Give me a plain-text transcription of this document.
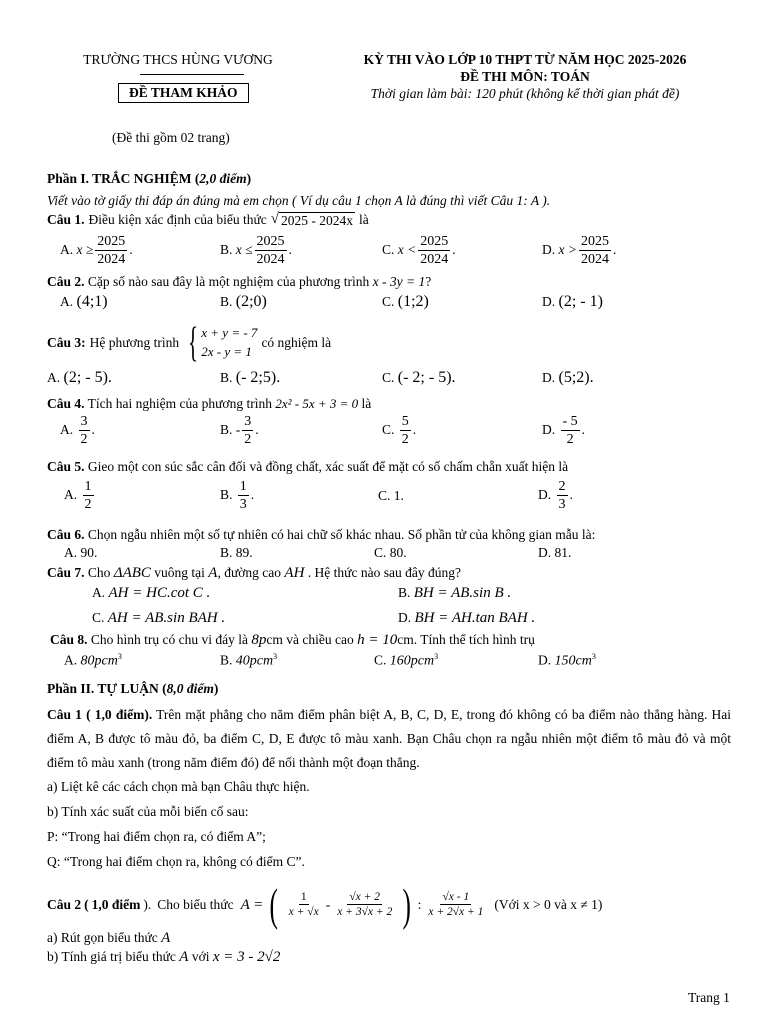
TRƯỜNG THCS HÙNG VƯƠNG
ĐỀ THAM KHẢO
(Đề thi gồm 02 trang)
KỲ THI VÀO LỚP 10 THPT TỪ NĂM HỌC 2025-2026
ĐỀ THI MÔN: TOÁN
Thời gian làm bài: 120 phút (không kể thời gian phát đề)
Phần I. TRẮC NGHIỆM (2,0 điểm)
Viết vào tờ giấy thi đáp án đúng mà em chọn ( Ví dụ câu 1 chọn A là đúng thì viết Câu 1: A ).
Câu 1. Điều kiện xác định của biểu thức √ 2025 - 2024x là
A. $x \ge \frac{2025}{2024}$ .	B. $x \le \frac{2025}{2024}$ .	C. $x < \frac{2025}{2024}$ .	D. $x > \frac{2025}{2024}$ .
Câu 2. Cặp số nào sau đây là một nghiệm của phương trình x - 3y = 1?
A. (4;1)	B. (2;0)	C. (1;2)	D. (2; - 1)
Câu 3: Hệ phương trình { x + y = - 7
2x - y = 1
có nghiệm là
A. (2; - 5).	B. (- 2;5).	C. (- 2; - 5).	D. (5;2).
Câu 4. Tích hai nghiệm của phương trình 2x² - 5x + 3 = 0 là
A. $\frac{3}{2}$ .	B. - $\frac{3}{2}$ .	C. $\frac{5}{2}$ .	D. $\frac{- 5}{2}$ .
Câu 5. Gieo một con súc sắc cân đối và đồng chất, xác suất để mặt có số chấm chẵn xuất hiện là
A. $\frac{1}{2}$	B. $\frac{1}{3}$ .	C. 1.	D. $\frac{2}{3}$ .
Câu 6. Chọn ngẫu nhiên một số tự nhiên có hai chữ số khác nhau. Số phần tử của không gian mẫu là:
A. 90.	B. 89.	C. 80.	D. 81.
Câu 7. Cho ΔABC vuông tại A, đường cao AH . Hệ thức nào sau đây đúng?
A. AH = HC.cot C .	B. BH = AB.sin B .
C. AH = AB.sin BAH .	D. BH = AH.tan BAH .
Câu 8. Cho hình trụ có chu vi đáy là 8pcm và chiều cao h = 10cm. Tính thể tích hình trụ
A. 80pcm$^3$	B. 40pcm$^3$	C. 160pcm$^3$	D. $150cm^3$
Phần II. TỰ LUẬN (8,0 điểm)
Câu 1 ( 1,0 điểm). Trên mặt phẳng cho năm điểm phân biệt A, B, C, D, E, trong đó không có ba điểm nào thẳng hàng. Hai điểm A, B được tô màu đỏ, ba điểm C, D, E được tô màu xanh. Bạn Châu chọn ra ngẫu nhiên một điểm tô màu đỏ và một điểm tô màu xanh (trong năm điểm đó) để nối thành một đoạn thẳng.
a) Liệt kê các cách chọn mà bạn Châu thực hiện.
b) Tính xác suất của mỗi biến cố sau:
P: “Trong hai điểm chọn ra, có điểm A”;
Q: “Trong hai điểm chọn ra, không có điểm C”.
Câu 2 ( 1,0 điểm ). Cho biểu thức A = ( $\frac{1}{x + √x} - \frac{√x + 2}{x + 3√x + 2}$ ) : $\frac{√x - 1}{x + 2√x + 1}$ (Với x > 0 và x ≠ 1)
a) Rút gọn biểu thức A
b) Tính giá trị biểu thức A với x = 3 - 2√2
Trang 1
